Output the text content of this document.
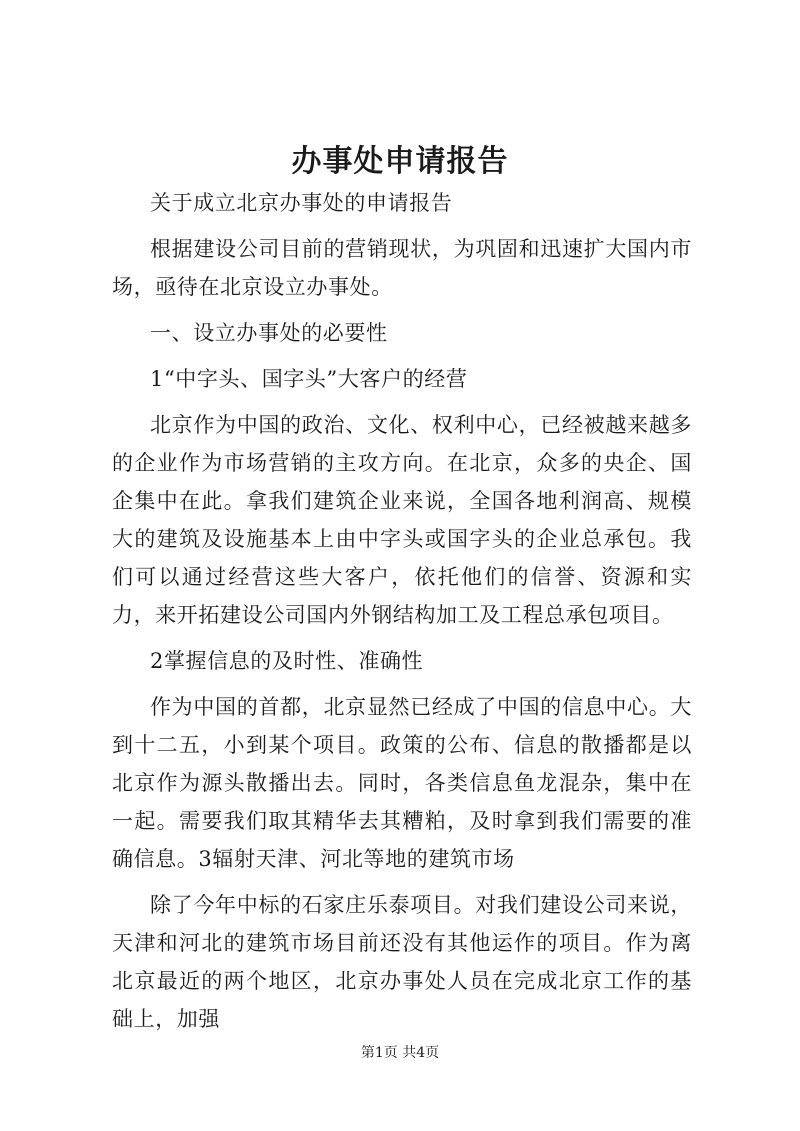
办事处申请报告

关于成立北京办事处的申请报告

根据建设公司目前的营销现状，为巩固和迅速扩大国内市场，亟待在北京设立办事处。

一、设立办事处的必要性

1“中字头、国字头”大客户的经营

北京作为中国的政治、文化、权利中心，已经被越来越多的企业作为市场营销的主攻方向。在北京，众多的央企、国企集中在此。拿我们建筑企业来说，全国各地利润高、规模大的建筑及设施基本上由中字头或国字头的企业总承包。我们可以通过经营这些大客户，依托他们的信誉、资源和实力，来开拓建设公司国内外钢结构加工及工程总承包项目。

2掌握信息的及时性、准确性

作为中国的首都，北京显然已经成了中国的信息中心。大到十二五，小到某个项目。政策的公布、信息的散播都是以北京作为源头散播出去。同时，各类信息鱼龙混杂，集中在一起。需要我们取其精华去其糟粕，及时拿到我们需要的准确信息。3辐射天津、河北等地的建筑市场

除了今年中标的石家庄乐泰项目。对我们建设公司来说，天津和河北的建筑市场目前还没有其他运作的项目。作为离北京最近的两个地区，北京办事处人员在完成北京工作的基础上，加强

第1页 共4页
